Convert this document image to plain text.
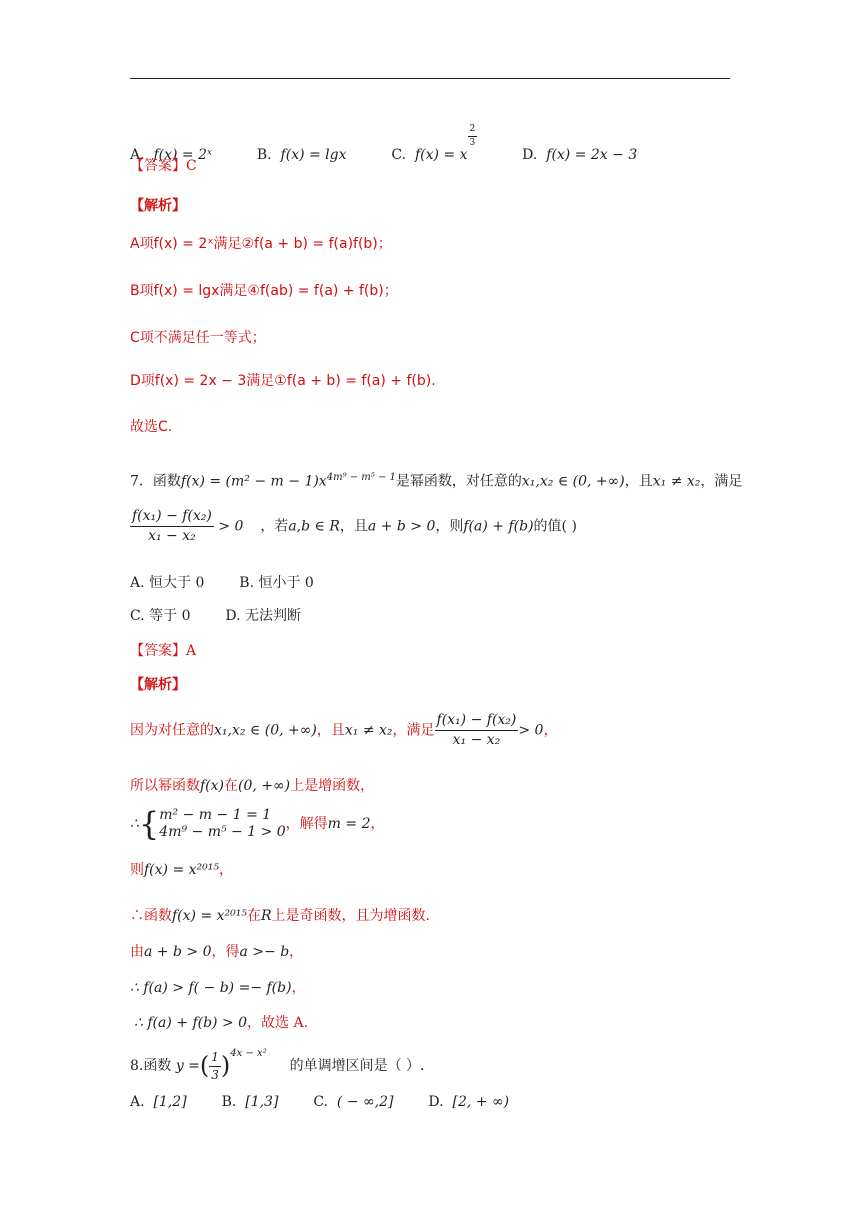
A. f(x) = 2ˣ	B. f(x) = lgx	C. f(x) = x
$\frac{2}{3}$
D. f(x) = 2x − 3
【答案】C
【解析】
A项f(x) = 2ˣ满足②f(a + b) = f(a)f(b)；
B项f(x) = lgx满足④f(ab) = f(a) + f(b)；
C项不满足任一等式；
D项f(x) = 2x − 3满足①f(a + b) = f(a) + f(b).
故选C.
7．函数$f(x) = (m^2 - m - 1)x^{4m^9 - m^5 - 1}$是幂函数，对任意的x₁,x₂ ∈ (0, +∞)，且x₁ ≠ x₂，满足
$\frac{\text{f(x₁) − f(x₂)}}{\text{x₁ − x₂}} > 0$ ，若a,b ∈ R，且a + b > 0，则f(a) + f(b)的值( )
A. 恒大于 0 B. 恒小于 0
C. 等于 0 D. 无法判断
【答案】A
【解析】
因为对任意的x₁,x₂ ∈ (0, +∞)，且x₁ ≠ x₂，满足 $\frac{\text{f(x₁) − f(x₂)}}{\text{x₁ − x₂}} > 0$，
所以幂函数f(x)在(0, +∞)上是增函数，
∴{ m² − m − 1 = 1
4m⁹ − m⁵ − 1 > 0 ，解得m = 2，
则f(x) = x²⁰¹⁵，
∴函数f(x) = x²⁰¹⁵在R上是奇函数，且为增函数.
由a + b > 0，得a >− b，
∴ f(a) > f( − b) =− f(b)，
∴ f(a) + f(b) > 0，故选 A.
8.函数 y =( $\frac{1}{3} )^{4x - x^2}$  的单调增区间是（ ）.
A. [1,2] B. [1,3] C. ( − ∞,2] D. [2, + ∞)
